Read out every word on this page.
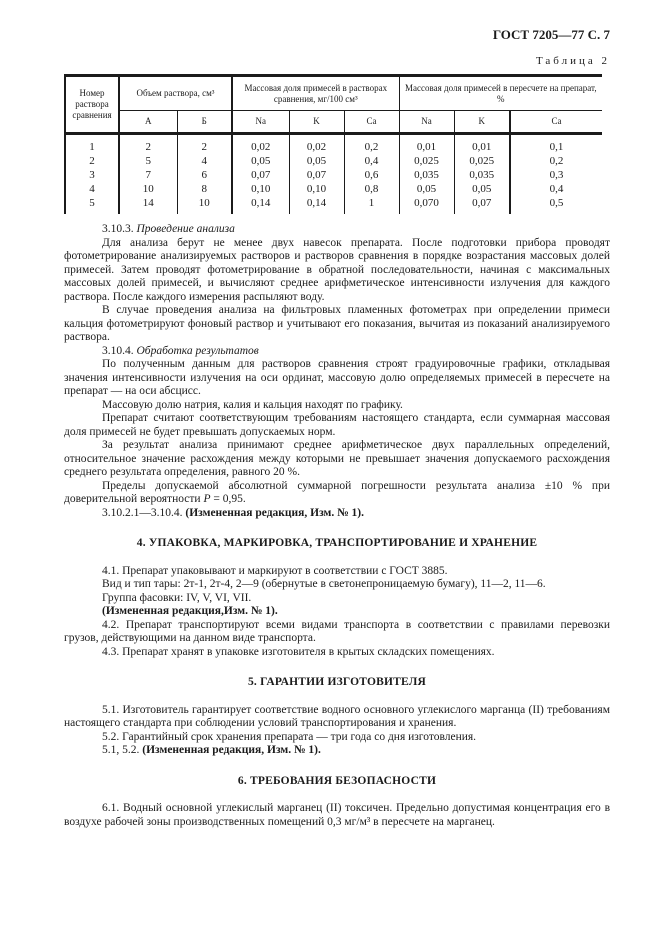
ГОСТ 7205—77 С. 7
Таблица 2
Номер раствора сравнения	Объем раствора, см³		Массовая доля примесей в растворах сравнения, мг/100 см³			Массовая доля примесей в пересчете на препарат, %		
	А	Б	Na	K	Ca	Na	K	Ca
1	2	2	0,02	0,02	0,2	0,01	0,01	0,1
2	5	4	0,05	0,05	0,4	0,025	0,025	0,2
3	7	6	0,07	0,07	0,6	0,035	0,035	0,3
4	10	8	0,10	0,10	0,8	0,05	0,05	0,4
5	14	10	0,14	0,14	1	0,070	0,07	0,5
3.10.3. Проведение анализа
Для анализа берут не менее двух навесок препарата. После подготовки прибора проводят фотометрирование анализируемых растворов и растворов сравнения в порядке возрастания массовых долей примесей. Затем проводят фотометрирование в обратной последовательности, начиная с максимальных массовых долей примесей, и вычисляют среднее арифметическое интенсивности излучения для каждого раствора. После каждого измерения распыляют воду.
В случае проведения анализа на фильтровых пламенных фотометрах при определении примеси кальция фотометрируют фоновый раствор и учитывают его показания, вычитая из показаний анализируемого раствора.
3.10.4. Обработка результатов
По полученным данным для растворов сравнения строят градуировочные графики, откладывая значения интенсивности излучения на оси ординат, массовую долю определяемых примесей в пересчете на препарат — на оси абсцисс.
Массовую долю натрия, калия и кальция находят по графику.
Препарат считают соответствующим требованиям настоящего стандарта, если суммарная массовая доля примесей не будет превышать допускаемых норм.
За результат анализа принимают среднее арифметическое двух параллельных определений, относительное значение расхождения между которыми не превышает значения допускаемого расхождения среднего результата определения, равного 20 %.
Пределы допускаемой абсолютной суммарной погрешности результата анализа ±10 % при доверительной вероятности Р = 0,95.
3.10.2.1—3.10.4. (Измененная редакция, Изм. № 1).
4. УПАКОВКА, МАРКИРОВКА, ТРАНСПОРТИРОВАНИЕ И ХРАНЕНИЕ
4.1. Препарат упаковывают и маркируют в соответствии с ГОСТ 3885.
Вид и тип тары: 2т-1, 2т-4, 2—9 (обернутые в светонепроницаемую бумагу), 11—2, 11—6.
Группа фасовки: IV, V, VI, VII.
(Измененная редакция,Изм. № 1).
4.2. Препарат транспортируют всеми видами транспорта в соответствии с правилами перевозки грузов, действующими на данном виде транспорта.
4.3. Препарат хранят в упаковке изготовителя в крытых складских помещениях.
5. ГАРАНТИИ ИЗГОТОВИТЕЛЯ
5.1. Изготовитель гарантирует соответствие водного основного углекислого марганца (II) требованиям настоящего стандарта при соблюдении условий транспортирования и хранения.
5.2. Гарантийный срок хранения препарата — три года со дня изготовления.
5.1, 5.2. (Измененная редакция, Изм. № 1).
6. ТРЕБОВАНИЯ БЕЗОПАСНОСТИ
6.1. Водный основной углекислый марганец (II) токсичен. Предельно допустимая концентрация его в воздухе рабочей зоны производственных помещений 0,3 мг/м³ в пересчете на марганец.
